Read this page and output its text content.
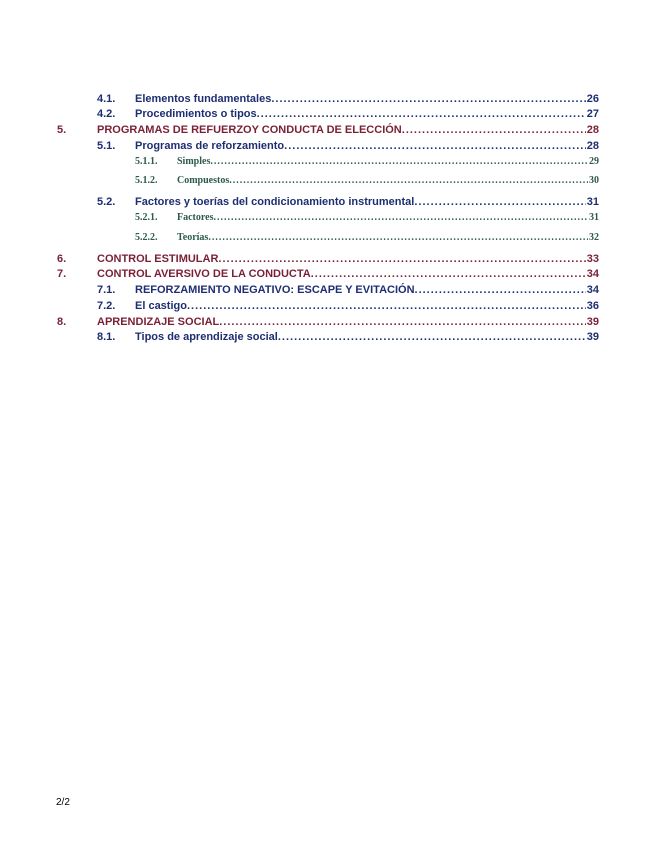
4.1.	Elementos fundamentales .....	26
4.2.	Procedimientos o tipos .....	27
5.	PROGRAMAS DE REFUERZOY CONDUCTA DE ELECCIÓN .....	28
5.1.	Programas de reforzamiento .....	28
5.1.1.	Simples .....	29
5.1.2.	Compuestos .....	30
5.2.	Factores y toerías del condicionamiento instrumental .....	31
5.2.1.	Factores .....	31
5.2.2.	Teorías .....	32
6.	CONTROL ESTIMULAR .....	33
7.	CONTROL AVERSIVO DE LA CONDUCTA .....	34
7.1.	REFORZAMIENTO NEGATIVO: ESCAPE Y EVITACIÓN .....	34
7.2.	El castigo .....	36
8.	APRENDIZAJE SOCIAL .....	39
8.1.	Tipos de aprendizaje social .....	39
2/2
